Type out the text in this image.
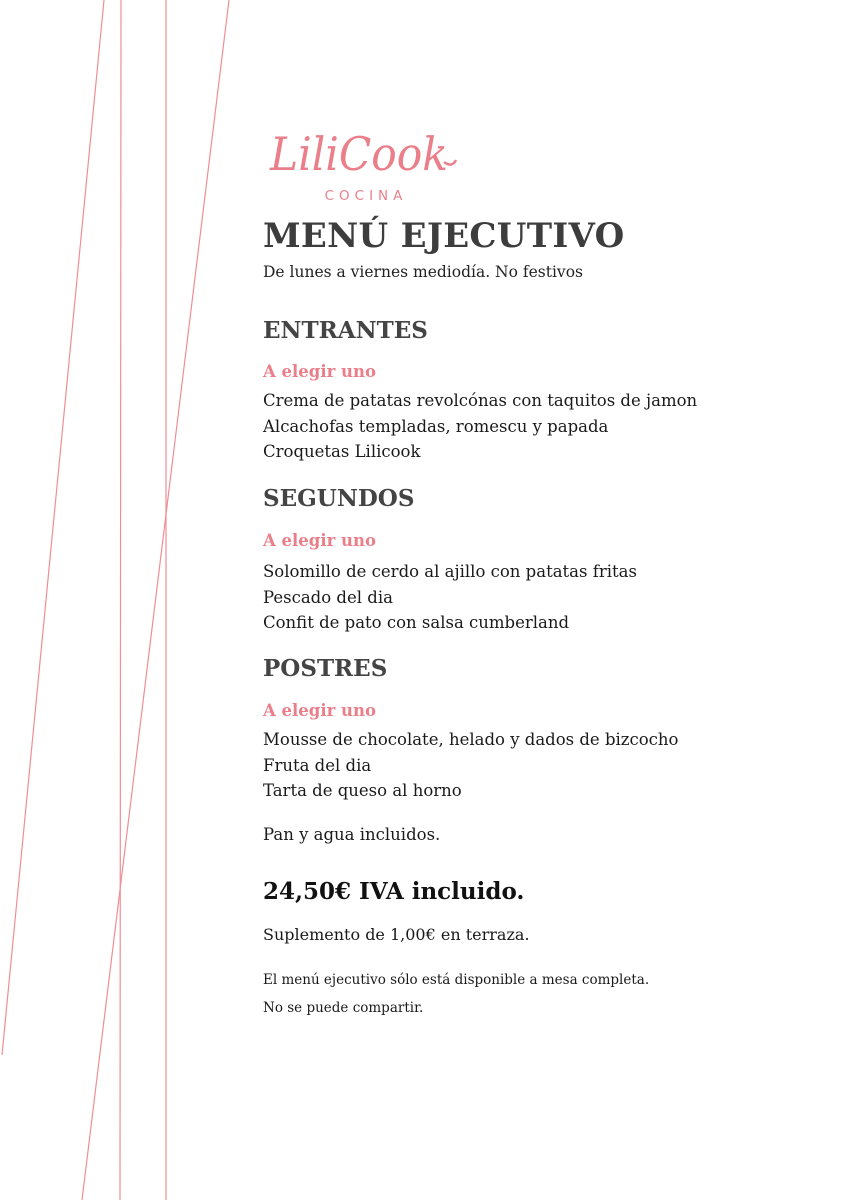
LiliCook
COCINA
MENÚ EJECUTIVO
De lunes a viernes mediodía. No festivos
ENTRANTES
A elegir uno
Crema de patatas revolcónas con taquitos de jamon
Alcachofas templadas, romescu y papada
Croquetas Lilicook
SEGUNDOS
A elegir uno
Solomillo de cerdo al ajillo con patatas fritas
Pescado del dia
Confit de pato con salsa cumberland
POSTRES
A elegir uno
Mousse de chocolate, helado y dados de bizcocho
Fruta del dia
Tarta de queso al horno
Pan y agua incluidos.
24,50€ IVA incluido.
Suplemento de 1,00€ en terraza.
El menú ejecutivo sólo está disponible a mesa completa.
No se puede compartir.
